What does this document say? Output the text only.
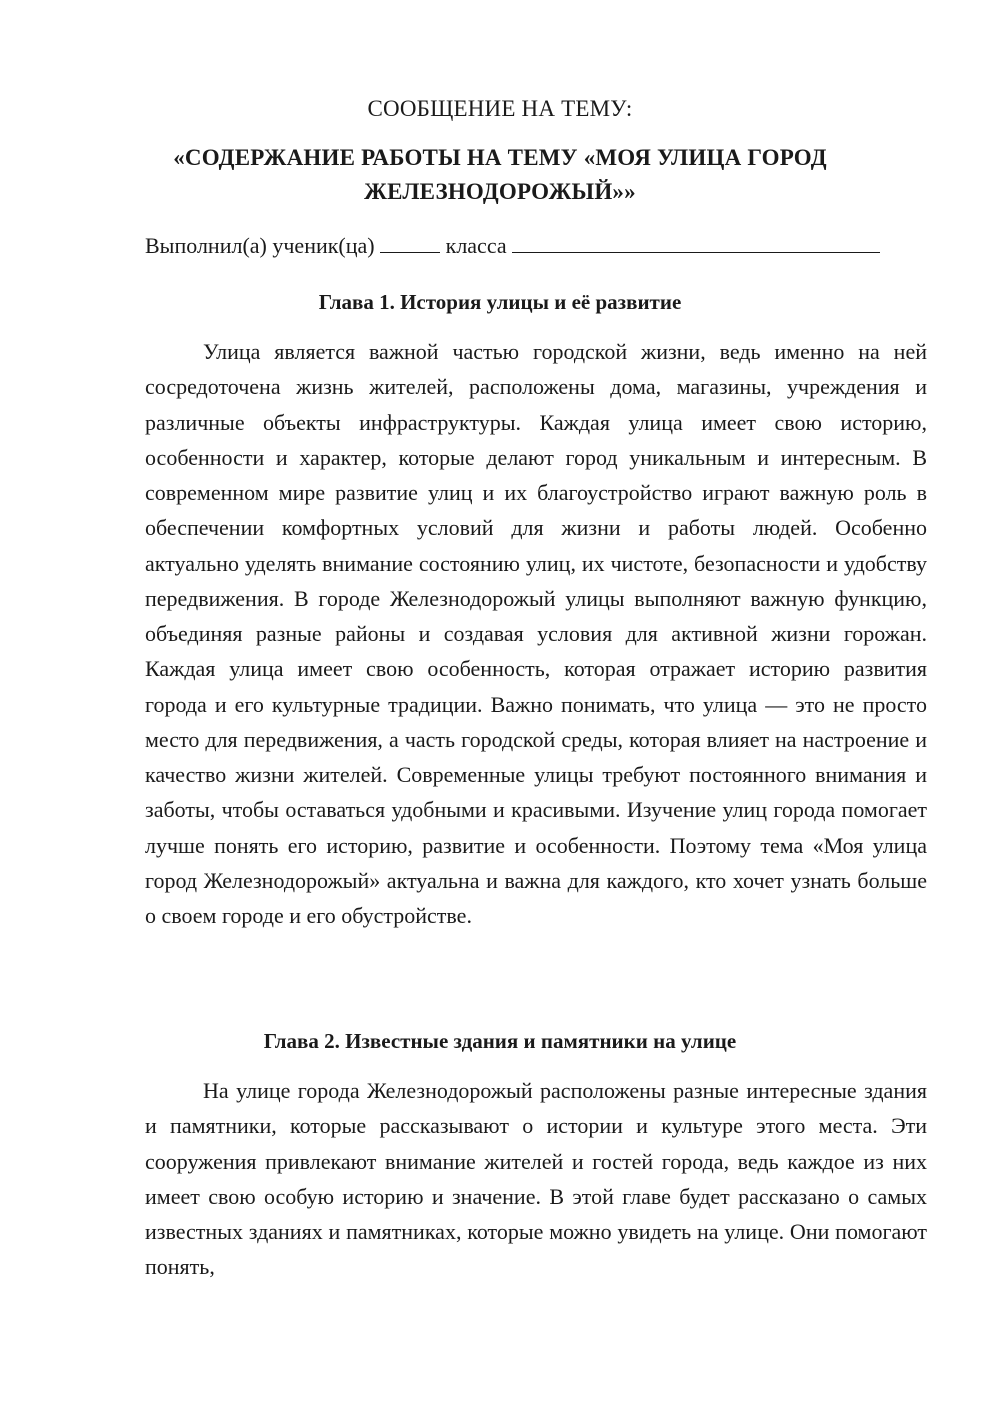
СООБЩЕНИЕ НА ТЕМУ:
«СОДЕРЖАНИЕ РАБОТЫ НА ТЕМУ «МОЯ УЛИЦА ГОРОД
ЖЕЛЕЗНОДОРОЖЫЙ»»
Выполнил(а) ученик(ца)	класса
Глава 1. История улицы и её развитие
Улица является важной частью городской жизни, ведь именно на ней сосредоточена жизнь жителей, расположены дома, магазины, учреждения и различные объекты инфраструктуры. Каждая улица имеет свою историю, особенности и характер, которые делают город уникальным и интересным. В современном мире развитие улиц и их благоустройство играют важную роль в обеспечении комфортных условий для жизни и работы людей. Особенно актуально уделять внимание состоянию улиц, их чистоте, безопасности и удобству передвижения. В городе Железнодорожый улицы выполняют важную функцию, объединяя разные районы и создавая условия для активной жизни горожан. Каждая улица имеет свою особенность, которая отражает историю развития города и его культурные традиции. Важно понимать, что улица — это не просто место для передвижения, а часть городской среды, которая влияет на настроение и качество жизни жителей. Современные улицы требуют постоянного внимания и заботы, чтобы оставаться удобными и красивыми. Изучение улиц города помогает лучше понять его историю, развитие и особенности. Поэтому тема «Моя улица город Железнодорожый» актуальна и важна для каждого, кто хочет узнать больше о своем городе и его обустройстве.
Глава 2. Известные здания и памятники на улице
На улице города Железнодорожый расположены разные интересные здания и памятники, которые рассказывают о истории и культуре этого места. Эти сооружения привлекают внимание жителей и гостей города, ведь каждое из них имеет свою особую историю и значение. В этой главе будет рассказано о самых известных зданиях и памятниках, которые можно увидеть на улице. Они помогают понять,
